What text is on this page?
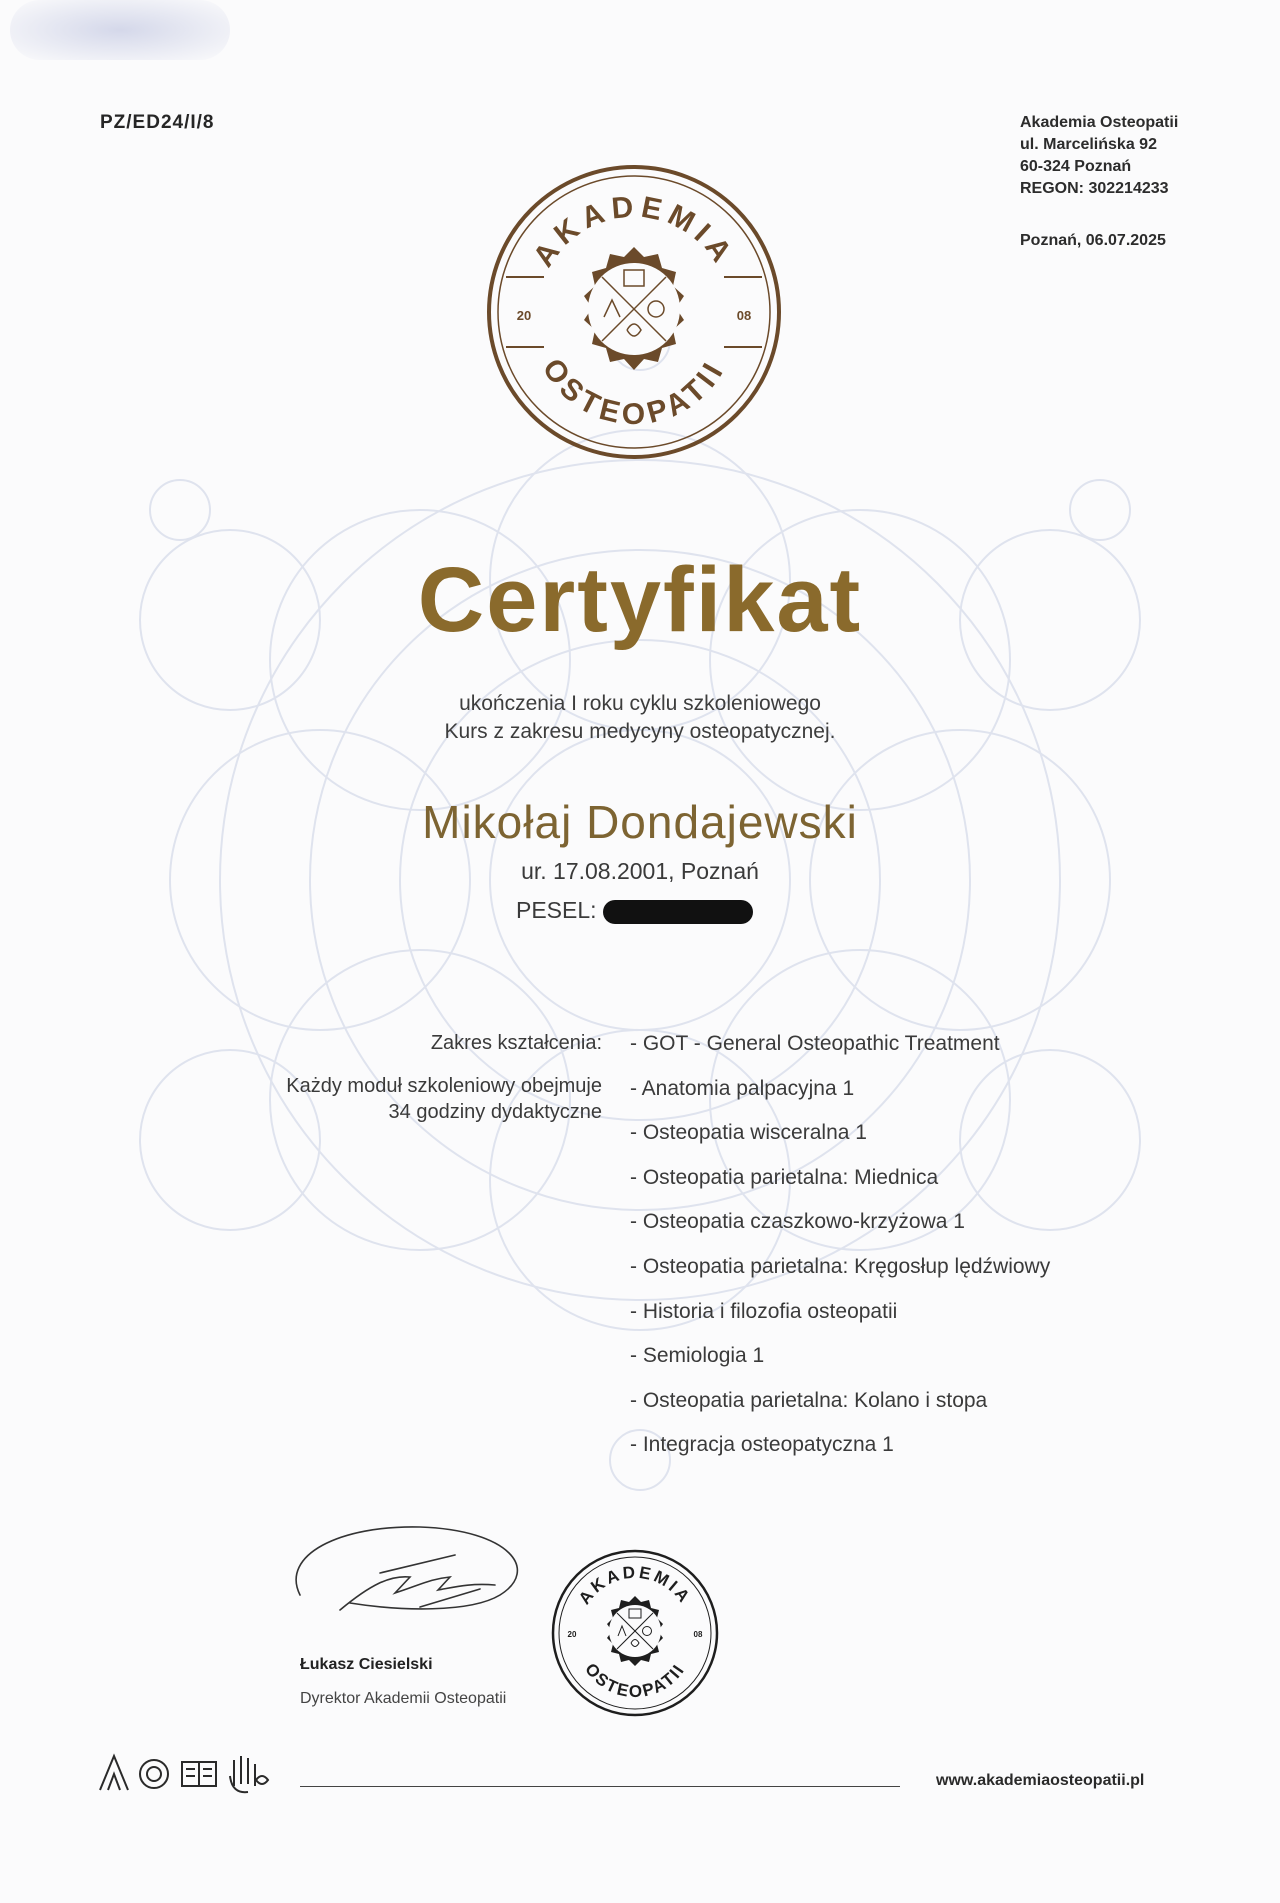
PZ/ED24/I/8	Akademia Osteopatii
ul. Marcelińska 92
60-324 Poznań
REGON: 302214233
Poznań, 06.07.2025
AKADEMIA
OSTEOPATII
20	08
Certyfikat
ukończenia I roku cyklu szkoleniowego
Kurs z zakresu medycyny osteopatycznej.
Mikołaj Dondajewski
ur. 17.08.2001, Poznań
PESEL:
Zakres kształcenia:
Każdy moduł szkoleniowy obejmuje
34 godziny dydaktyczne
- GOT - General Osteopathic Treatment
- Anatomia palpacyjna 1
- Osteopatia wisceralna 1
- Osteopatia parietalna: Miednica
- Osteopatia czaszkowo-krzyżowa 1
- Osteopatia parietalna: Kręgosłup lędźwiowy
- Historia i filozofia osteopatii
- Semiologia 1
- Osteopatia parietalna: Kolano i stopa
- Integracja osteopatyczna 1
Łukasz Ciesielski
Dyrektor Akademii Osteopatii
AKADEMIA
OSTEOPATII
20	08
www.akademiaosteopatii.pl
